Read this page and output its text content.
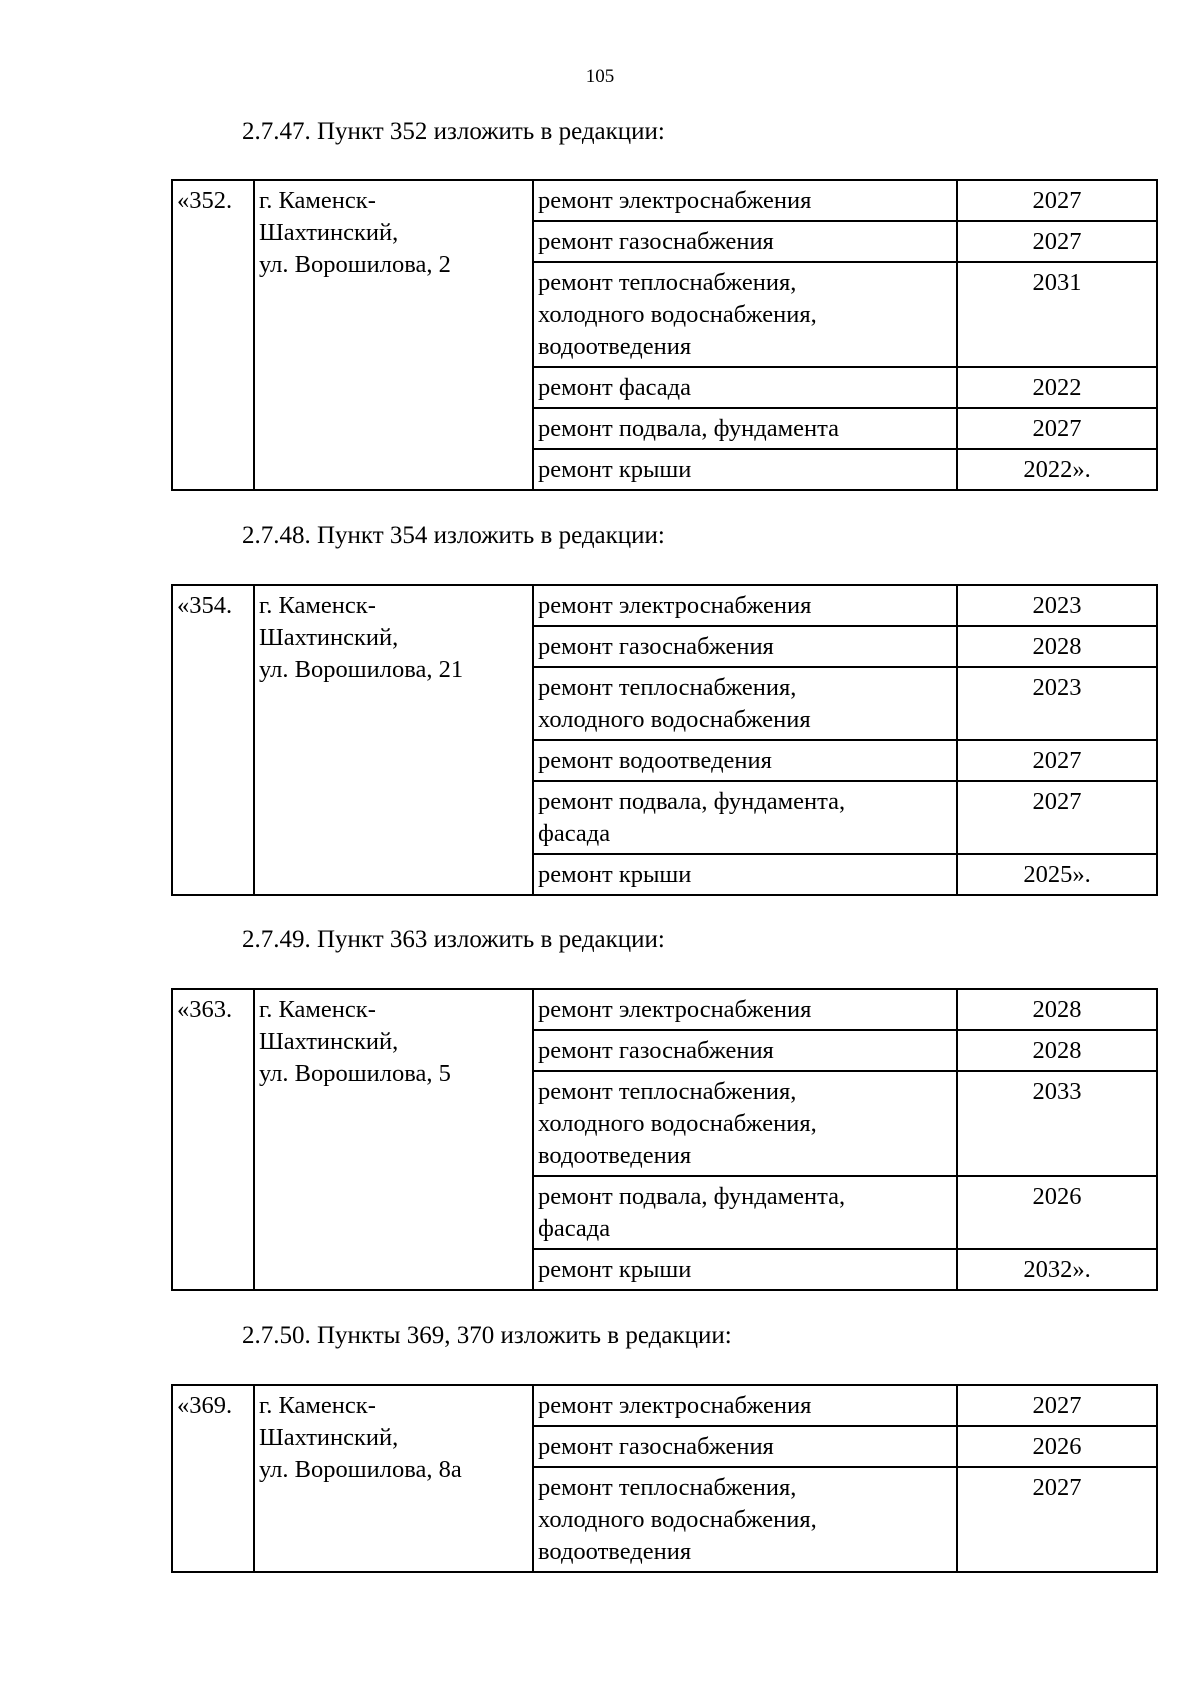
105
2.7.47. Пункт 352 изложить в редакции:
«352.	г. Каменск-
Шахтинский,
ул. Ворошилова, 2	ремонт электроснабжения	2027
		ремонт газоснабжения	2027
		ремонт теплоснабжения,
холодного водоснабжения,
водоотведения	2031
		ремонт фасада	2022
		ремонт подвала, фундамента	2027
		ремонт крыши	2022».
2.7.48. Пункт 354 изложить в редакции:
«354.	г. Каменск-
Шахтинский,
ул. Ворошилова, 21	ремонт электроснабжения	2023
		ремонт газоснабжения	2028
		ремонт теплоснабжения,
холодного водоснабжения	2023
		ремонт водоотведения	2027
		ремонт подвала, фундамента,
фасада	2027
		ремонт крыши	2025».
2.7.49. Пункт 363 изложить в редакции:
«363.	г. Каменск-
Шахтинский,
ул. Ворошилова, 5	ремонт электроснабжения	2028
		ремонт газоснабжения	2028
		ремонт теплоснабжения,
холодного водоснабжения,
водоотведения	2033
		ремонт подвала, фундамента,
фасада	2026
		ремонт крыши	2032».
2.7.50. Пункты 369, 370 изложить в редакции:
«369.	г. Каменск-
Шахтинский,
ул. Ворошилова, 8а	ремонт электроснабжения	2027
		ремонт газоснабжения	2026
		ремонт теплоснабжения,
холодного водоснабжения,
водоотведения	2027
